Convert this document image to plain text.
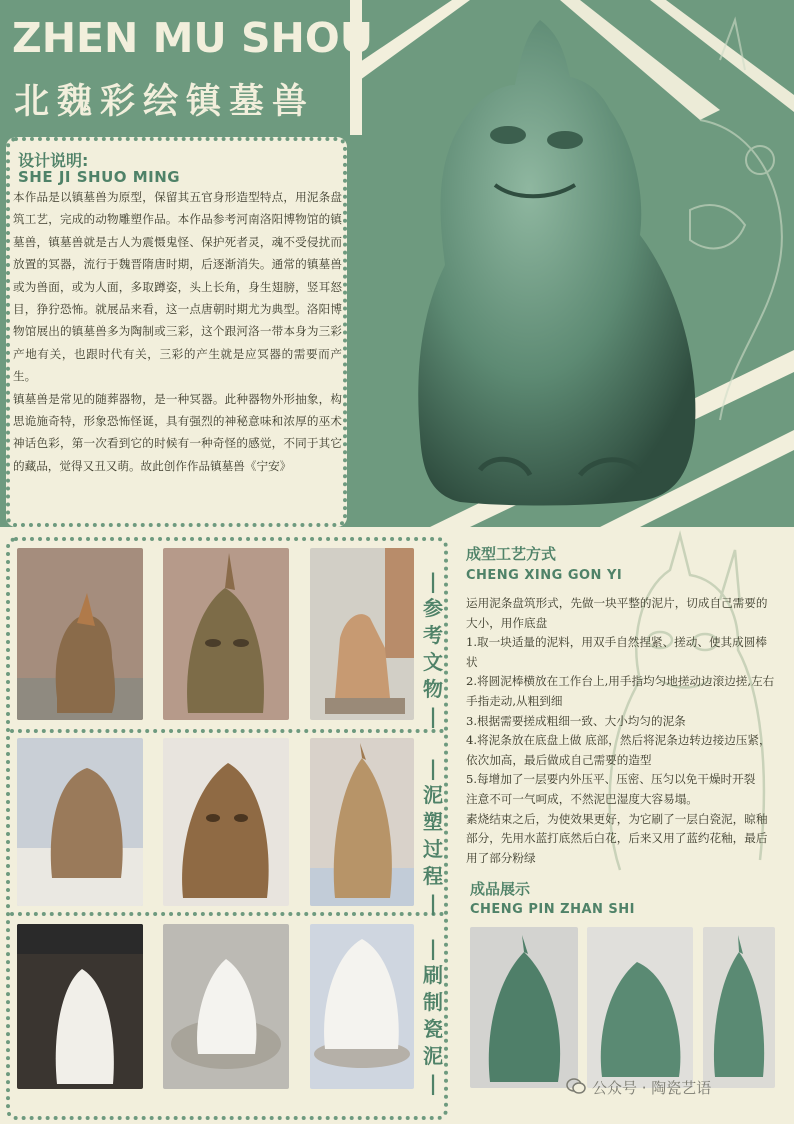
ZHEN MU SHOU
北魏彩绘镇墓兽
设计说明:
SHE JI SHUO MING

本作品是以镇墓兽为原型，保留其五官身形造型特点，用泥条盘筑工艺，完成的动物雕塑作品。本作品参考河南洛阳博物馆的镇墓兽，镇墓兽就是古人为震慑鬼怪、保护死者灵，魂不受侵扰而放置的冥器，流行于魏晋隋唐时期，后逐渐消失。通常的镇墓兽或为兽面，或为人面，多取蹲姿，头上长角，身生翅膀，竖耳怒目，狰狞恐怖。就展品来看，这一点唐朝时期尤为典型。洛阳博物馆展出的镇墓兽多为陶制或三彩，这个跟河洛一带本身为三彩产地有关，也跟时代有关，三彩的产生就是应冥器的需要而产生。

镇墓兽是常见的随葬器物，是一种冥器。此种器物外形抽象，构思诡施奇特，形象恐怖怪诞，具有强烈的神秘意味和浓厚的巫术神话色彩，第一次看到它的时候有一种奇怪的感觉，不同于其它的藏品，觉得又丑又萌。故此创作作品镇墓兽《宁安》

|
参
考
文
物
|
|
泥
塑
过
程
|
|
刷
制
瓷
泥
|
成型工艺方式
CHENG XING GON YI

运用泥条盘筑形式，先做一块平整的泥片，切成自己需要的大小，用作底盘

1.取一块适量的泥料，用双手自然捏紧、搓动、使其成圆棒状

2.将圆泥棒横放在工作台上,用手指均匀地搓动边滚边搓,左右手指走动,从粗到细

3.根据需要搓成粗细一致、大小均匀的泥条

4.将泥条放在底盘上做 底部，然后将泥条边转边接边压紧，依次加高，最后做成自己需要的造型

5.每增加了一层要内外压平、压密、压匀以免干燥时开裂

注意不可一气呵成，不然泥巴湿度大容易塌。

素烧结束之后，为使效果更好，为它刷了一层白瓷泥，晾釉部分，先用水蓝打底然后白花，后来又用了蓝约花釉，最后用了部分粉绿

成品展示
CHENG PIN ZHAN SHI
公众号 · 陶瓷艺语
